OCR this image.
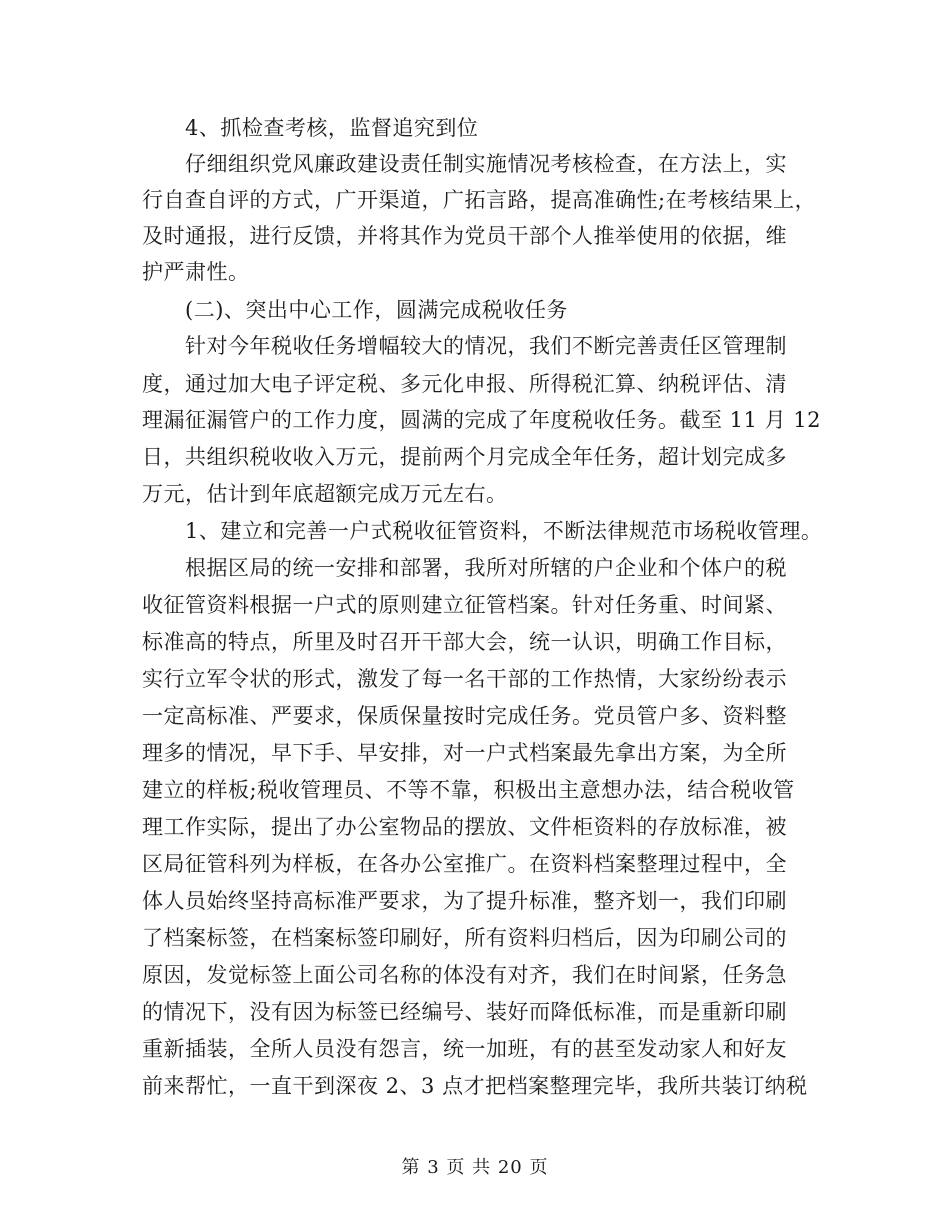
4、抓检查考核，监督追究到位
仔细组织党风廉政建设责任制实施情况考核检查，在方法上，实
行自查自评的方式，广开渠道，广拓言路，提高准确性;在考核结果上，
及时通报，进行反馈，并将其作为党员干部个人推举使用的依据，维
护严肃性。
(二)、突出中心工作，圆满完成税收任务
针对今年税收任务增幅较大的情况，我们不断完善责任区管理制
度，通过加大电子评定税、多元化申报、所得税汇算、纳税评估、清
理漏征漏管户的工作力度，圆满的完成了年度税收任务。截至 11 月 12
日，共组织税收收入万元，提前两个月完成全年任务，超计划完成多
万元，估计到年底超额完成万元左右。
1、建立和完善一户式税收征管资料，不断法律规范市场税收管理。
根据区局的统一安排和部署，我所对所辖的户企业和个体户的税
收征管资料根据一户式的原则建立征管档案。针对任务重、时间紧、
标准高的特点，所里及时召开干部大会，统一认识，明确工作目标，
实行立军令状的形式，激发了每一名干部的工作热情，大家纷纷表示
一定高标准、严要求，保质保量按时完成任务。党员管户多、资料整
理多的情况，早下手、早安排，对一户式档案最先拿出方案，为全所
建立的样板;税收管理员、不等不靠，积极出主意想办法，结合税收管
理工作实际，提出了办公室物品的摆放、文件柜资料的存放标准，被
区局征管科列为样板，在各办公室推广。在资料档案整理过程中，全
体人员始终坚持高标准严要求，为了提升标准，整齐划一，我们印刷
了档案标签，在档案标签印刷好，所有资料归档后，因为印刷公司的
原因，发觉标签上面公司名称的体没有对齐，我们在时间紧，任务急
的情况下，没有因为标签已经编号、装好而降低标准，而是重新印刷
重新插装，全所人员没有怨言，统一加班，有的甚至发动家人和好友
前来帮忙，一直干到深夜 2、3 点才把档案整理完毕，我所共装订纳税
第 3 页 共 20 页
